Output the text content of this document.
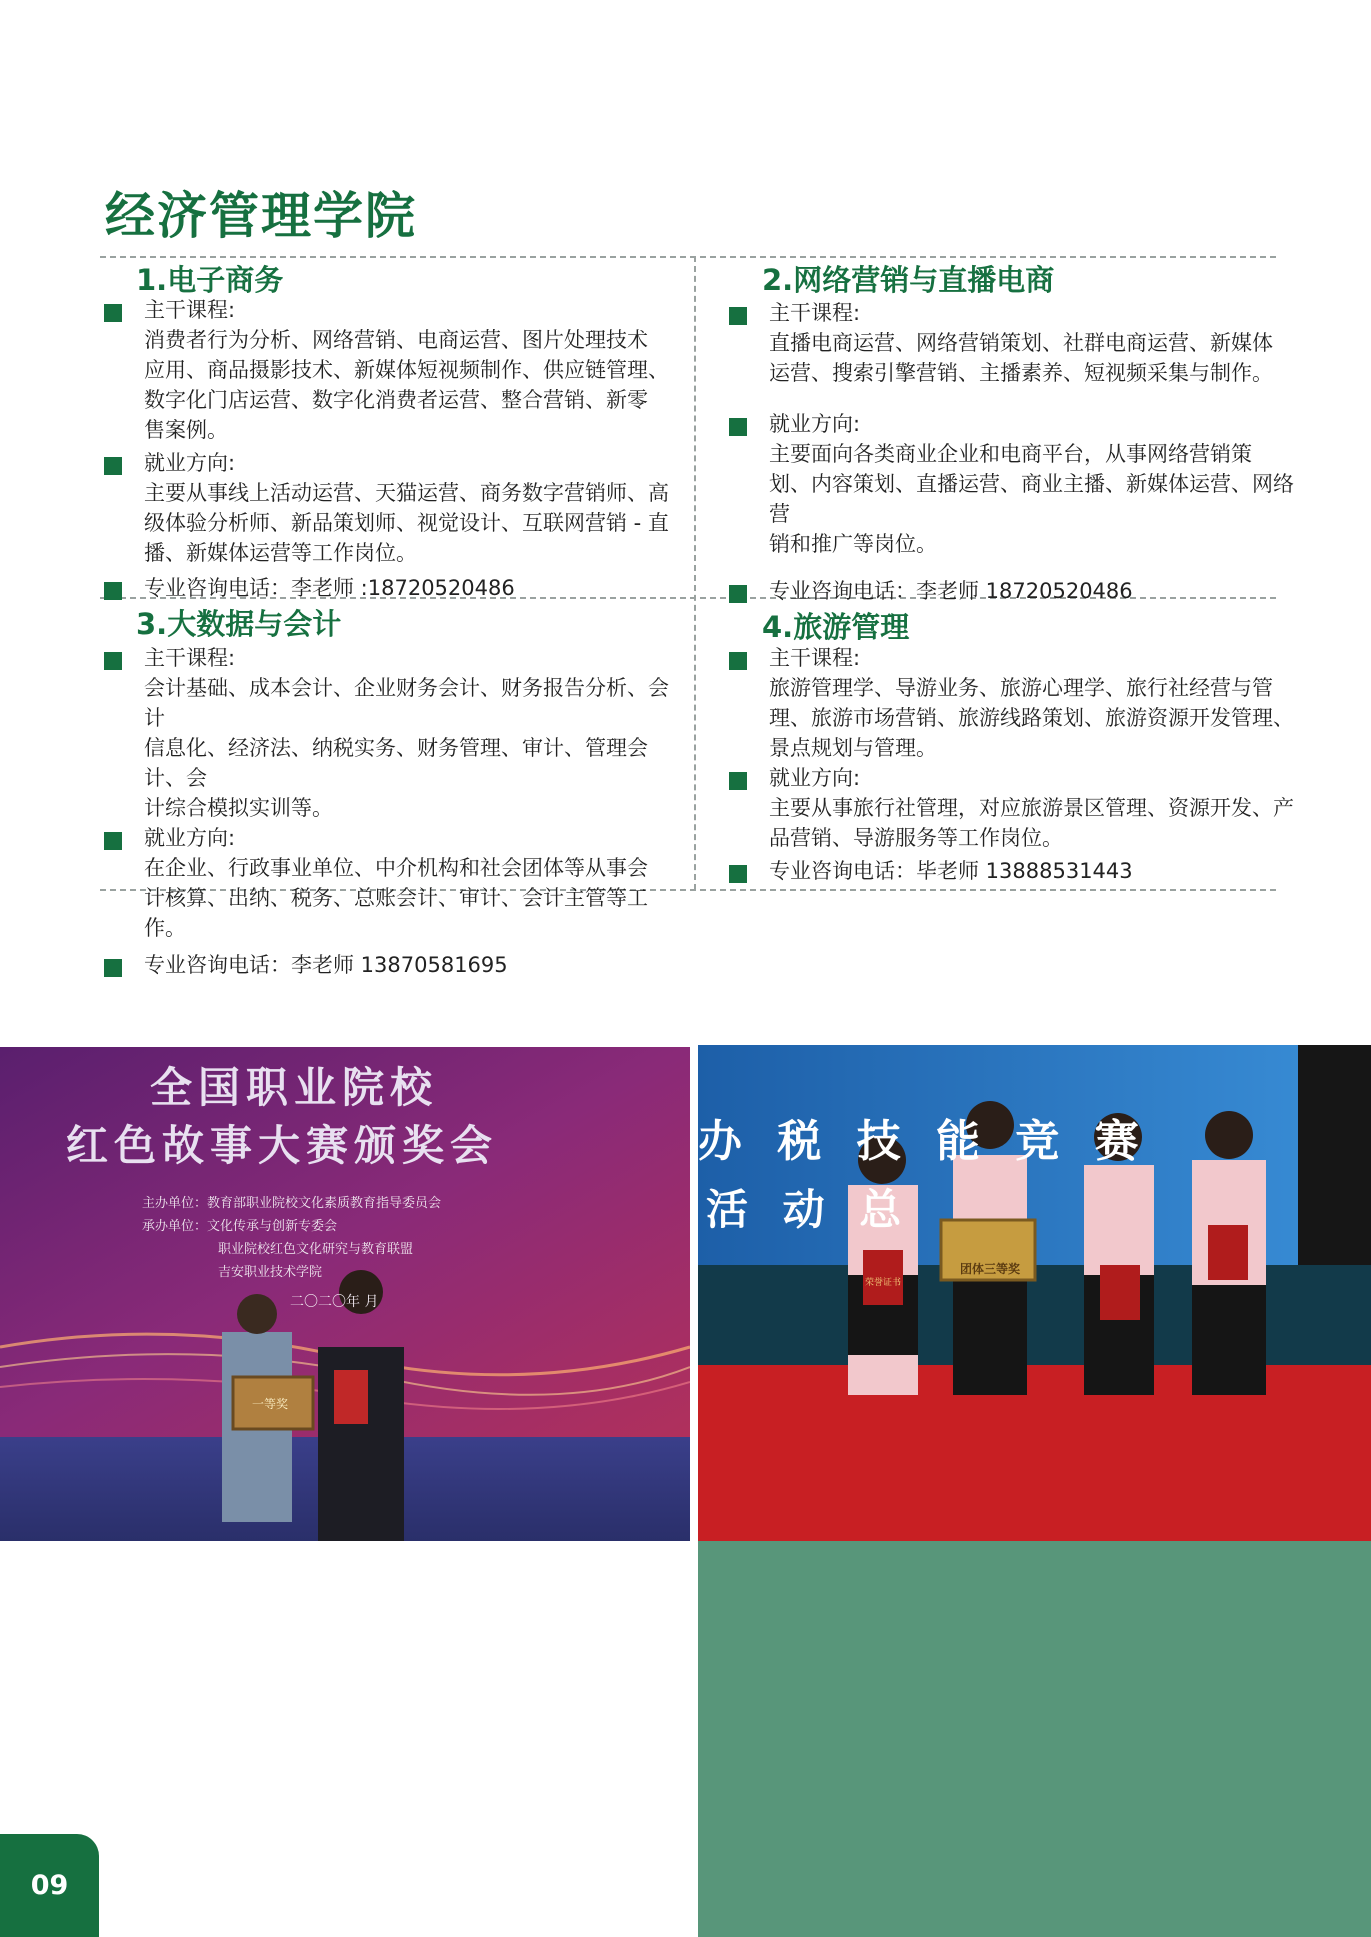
经济管理学院
1.电子商务
主干课程:
消费者行为分析、网络营销、电商运营、图片处理技术
应用、商品摄影技术、新媒体短视频制作、供应链管理、
数字化门店运营、数字化消费者运营、整合营销、新零
售案例。
就业方向:
主要从事线上活动运营、天猫运营、商务数字营销师、高
级体验分析师、新品策划师、视觉设计、互联网营销 - 直
播、新媒体运营等工作岗位。
专业咨询电话：李老师 :18720520486
2.网络营销与直播电商
主干课程:
直播电商运营、网络营销策划、社群电商运营、新媒体
运营、搜索引擎营销、主播素养、短视频采集与制作。
就业方向:
主要面向各类商业企业和电商平台，从事网络营销策
划、内容策划、直播运营、商业主播、新媒体运营、网络营
销和推广等岗位。
专业咨询电话：李老师 18720520486
3.大数据与会计
主干课程:
会计基础、成本会计、企业财务会计、财务报告分析、会计
信息化、经济法、纳税实务、财务管理、审计、管理会计、会
计综合模拟实训等。
就业方向:
在企业、行政事业单位、中介机构和社会团体等从事会
计核算、出纳、税务、总账会计、审计、会计主管等工作。
专业咨询电话：李老师 13870581695
4.旅游管理
主干课程:
旅游管理学、导游业务、旅游心理学、旅行社经营与管
理、旅游市场营销、旅游线路策划、旅游资源开发管理、
景点规划与管理。
就业方向:
主要从事旅行社管理，对应旅游景区管理、资源开发、产
品营销、导游服务等工作岗位。
专业咨询电话：毕老师 13888531443
全国职业院校
红色故事大赛颁奖会
主办单位：教育部职业院校文化素质教育指导委员会
承办单位：文化传承与创新专委会
职业院校红色文化研究与教育联盟
吉安职业技术学院
二〇二〇年 月
一等奖
办 税 技 能 竞 赛
活 动 总
团体三等奖
荣誉证书
09
